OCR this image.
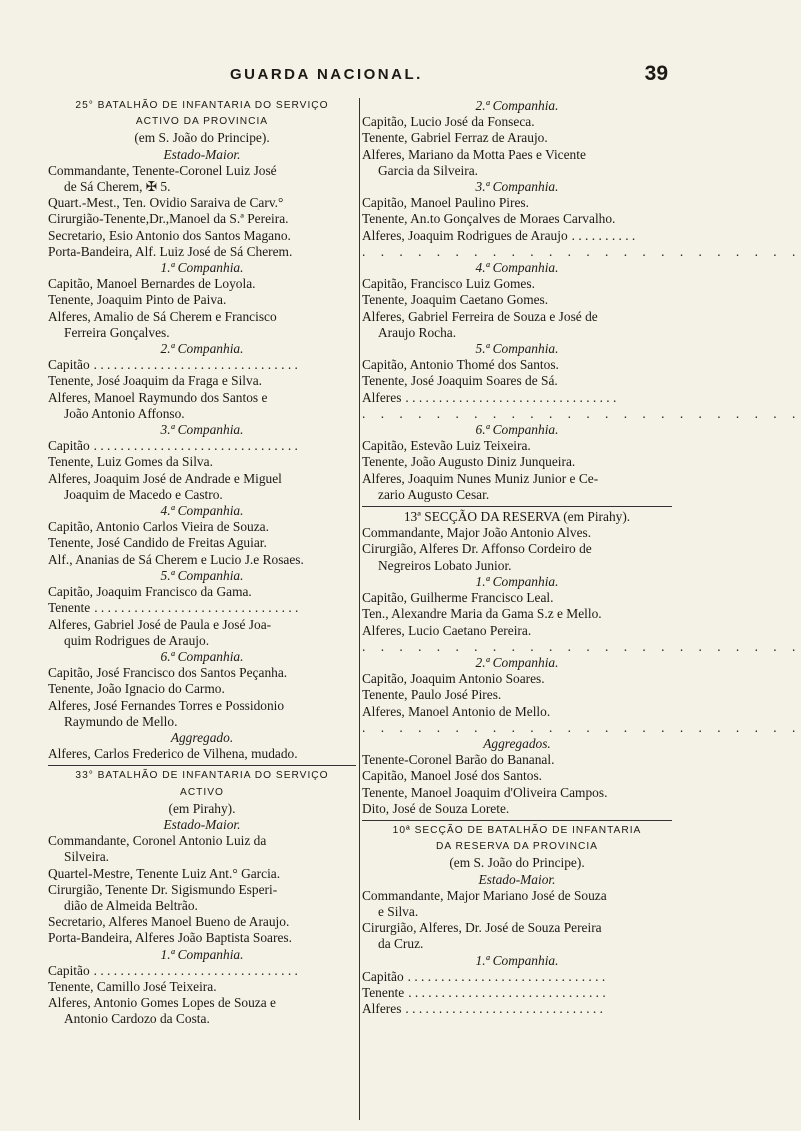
GUARDA NACIONAL.	39
25° BATALHÃO DE INFANTARIA DO SERVIÇO
ACTIVO DA PROVINCIA
(em S. João do Principe).
Estado-Maior.
Commandante, Tenente-Coronel Luiz José
de Sá Cherem, ✠ 5.
Quart.-Mest., Ten. Ovidio Saraiva de Carv.°
Cirurgião-Tenente,Dr.,Manoel da S.ª Pereira.
Secretario, Esio Antonio dos Santos Magano.
Porta-Bandeira, Alf. Luiz José de Sá Cherem.
1.ª Companhia.
Capitão, Manoel Bernardes de Loyola.
Tenente, Joaquim Pinto de Paiva.
Alferes, Amalio de Sá Cherem e Francisco
Ferreira Gonçalves.
2.ª Companhia.
Capitão . . . . . . . . . . . . . . . . . . . . . . . . . . . . . . .
Tenente, José Joaquim da Fraga e Silva.
Alferes, Manoel Raymundo dos Santos e
João Antonio Affonso.
3.ª Companhia.
Capitão . . . . . . . . . . . . . . . . . . . . . . . . . . . . . . .
Tenente, Luiz Gomes da Silva.
Alferes, Joaquim José de Andrade e Miguel
Joaquim de Macedo e Castro.
4.ª Companhia.
Capitão, Antonio Carlos Vieira de Souza.
Tenente, José Candido de Freitas Aguiar.
Alf., Ananias de Sá Cherem e Lucio J.e Rosaes.
5.ª Companhia.
Capitão, Joaquim Francisco da Gama.
Tenente . . . . . . . . . . . . . . . . . . . . . . . . . . . . . . .
Alferes, Gabriel José de Paula e José Joa-
quim Rodrigues de Araujo.
6.ª Companhia.
Capitão, José Francisco dos Santos Peçanha.
Tenente, João Ignacio do Carmo.
Alferes, José Fernandes Torres e Possidonio
Raymundo de Mello.
Aggregado.
Alferes, Carlos Frederico de Vilhena, mudado.
33° BATALHÃO DE INFANTARIA DO SERVIÇO
ACTIVO
(em Pirahy).
Estado-Maior.
Commandante, Coronel Antonio Luiz da
Silveira.
Quartel-Mestre, Tenente Luiz Ant.° Garcia.
Cirurgião, Tenente Dr. Sigismundo Esperi-
dião de Almeida Beltrão.
Secretario, Alferes Manoel Bueno de Araujo.
Porta-Bandeira, Alferes João Baptista Soares.
1.ª Companhia.
Capitão . . . . . . . . . . . . . . . . . . . . . . . . . . . . . . .
Tenente, Camillo José Teixeira.
Alferes, Antonio Gomes Lopes de Souza e
Antonio Cardozo da Costa.
2.ª Companhia.
Capitão, Lucio José da Fonseca.
Tenente, Gabriel Ferraz de Araujo.
Alferes, Mariano da Motta Paes e Vicente
Garcia da Silveira.
3.ª Companhia.
Capitão, Manoel Paulino Pires.
Tenente, An.to Gonçalves de Moraes Carvalho.
Alferes, Joaquim Rodrigues de Araujo . . . . . . . . . .
. . . . . . . . . . . . . . . . . . . . . . . .
4.ª Companhia.
Capitão, Francisco Luiz Gomes.
Tenente, Joaquim Caetano Gomes.
Alferes, Gabriel Ferreira de Souza e José de
Araujo Rocha.
5.ª Companhia.
Capitão, Antonio Thomé dos Santos.
Tenente, José Joaquim Soares de Sá.
Alferes . . . . . . . . . . . . . . . . . . . . . . . . . . . . . . . .
. . . . . . . . . . . . . . . . . . . . . . . .
6.ª Companhia.
Capitão, Estevão Luiz Teixeira.
Tenente, João Augusto Diniz Junqueira.
Alferes, Joaquim Nunes Muniz Junior e Ce-
zario Augusto Cesar.
13ª SECÇÃO DA RESERVA (em Pirahy).
Commandante, Major João Antonio Alves.
Cirurgião, Alferes Dr. Affonso Cordeiro de
Negreiros Lobato Junior.
1.ª Companhia.
Capitão, Guilherme Francisco Leal.
Ten., Alexandre Maria da Gama S.z e Mello.
Alferes, Lucio Caetano Pereira.
. . . . . . . . . . . . . . . . . . . . . . . .
2.ª Companhia.
Capitão, Joaquim Antonio Soares.
Tenente, Paulo José Pires.
Alferes, Manoel Antonio de Mello.
. . . . . . . . . . . . . . . . . . . . . . . .
Aggregados.
Tenente-Coronel Barão do Bananal.
Capitão, Manoel José dos Santos.
Tenente, Manoel Joaquim d'Oliveira Campos.
Dito, José de Souza Lorete.
10ª SECÇÃO DE BATALHÃO DE INFANTARIA
DA RESERVA DA PROVINCIA
(em S. João do Principe).
Estado-Maior.
Commandante, Major Mariano José de Souza
e Silva.
Cirurgião, Alferes, Dr. José de Souza Pereira
da Cruz.
1.ª Companhia.
Capitão . . . . . . . . . . . . . . . . . . . . . . . . . . . . . .
Tenente . . . . . . . . . . . . . . . . . . . . . . . . . . . . . .
Alferes . . . . . . . . . . . . . . . . . . . . . . . . . . . . . .
